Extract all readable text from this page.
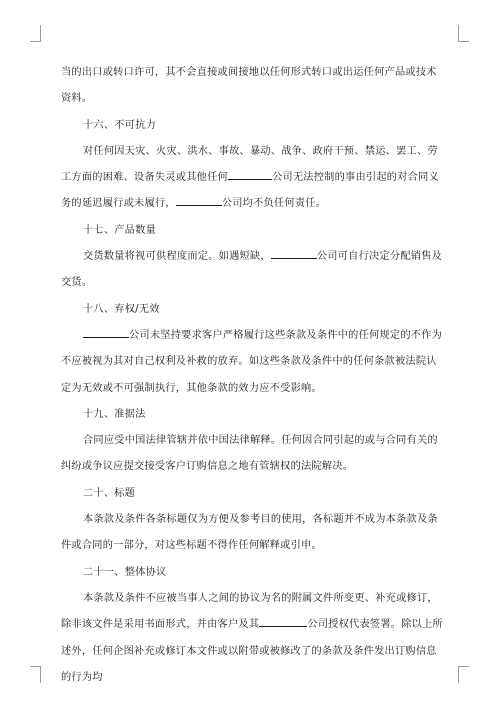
当的出口或转口许可，其不会直接或间接地以任何形式转口或出运任何产品或技术资料。

十六、不可抗力

对任何因天灾、火灾、洪水、事故、暴动、战争、政府干预、禁运、罢工、劳工方面的困难、设备失灵或其他任何	公司无法控制的事由引起的对合同义务的延迟履行或未履行，	公司均不负任何责任。

十七、产品数量

交货数量将视可供程度而定。如遇短缺，	公司可自行决定分配销售及交货。

十八、弃权/无效

公司未坚持要求客户严格履行这些条款及条件中的任何规定的不作为不应被视为其对自己权利及补救的放弃。如这些条款及条件中的任何条款被法院认定为无效或不可强制执行，其他条款的效力应不受影响。

十九、准据法

合同应受中国法律管辖并依中国法律解释。任何因合同引起的或与合同有关的纠纷或争议应提交接受客户订购信息之地有管辖权的法院解决。

二十、标题

本条款及条件各条标题仅为方便及参考目的使用，各标题并不成为本条款及条件或合同的一部分，对这些标题不得作任何解释或引申。

二十一、整体协议

本条款及条件不应被当事人之间的协议为名的附属文件所变更、补充或修订，除非该文件是采用书面形式，并由客户及其	公司授权代表签署。除以上所述外，任何企图补充或修订本文件或以附带或被修改了的条款及条件发出订购信息的行为均
